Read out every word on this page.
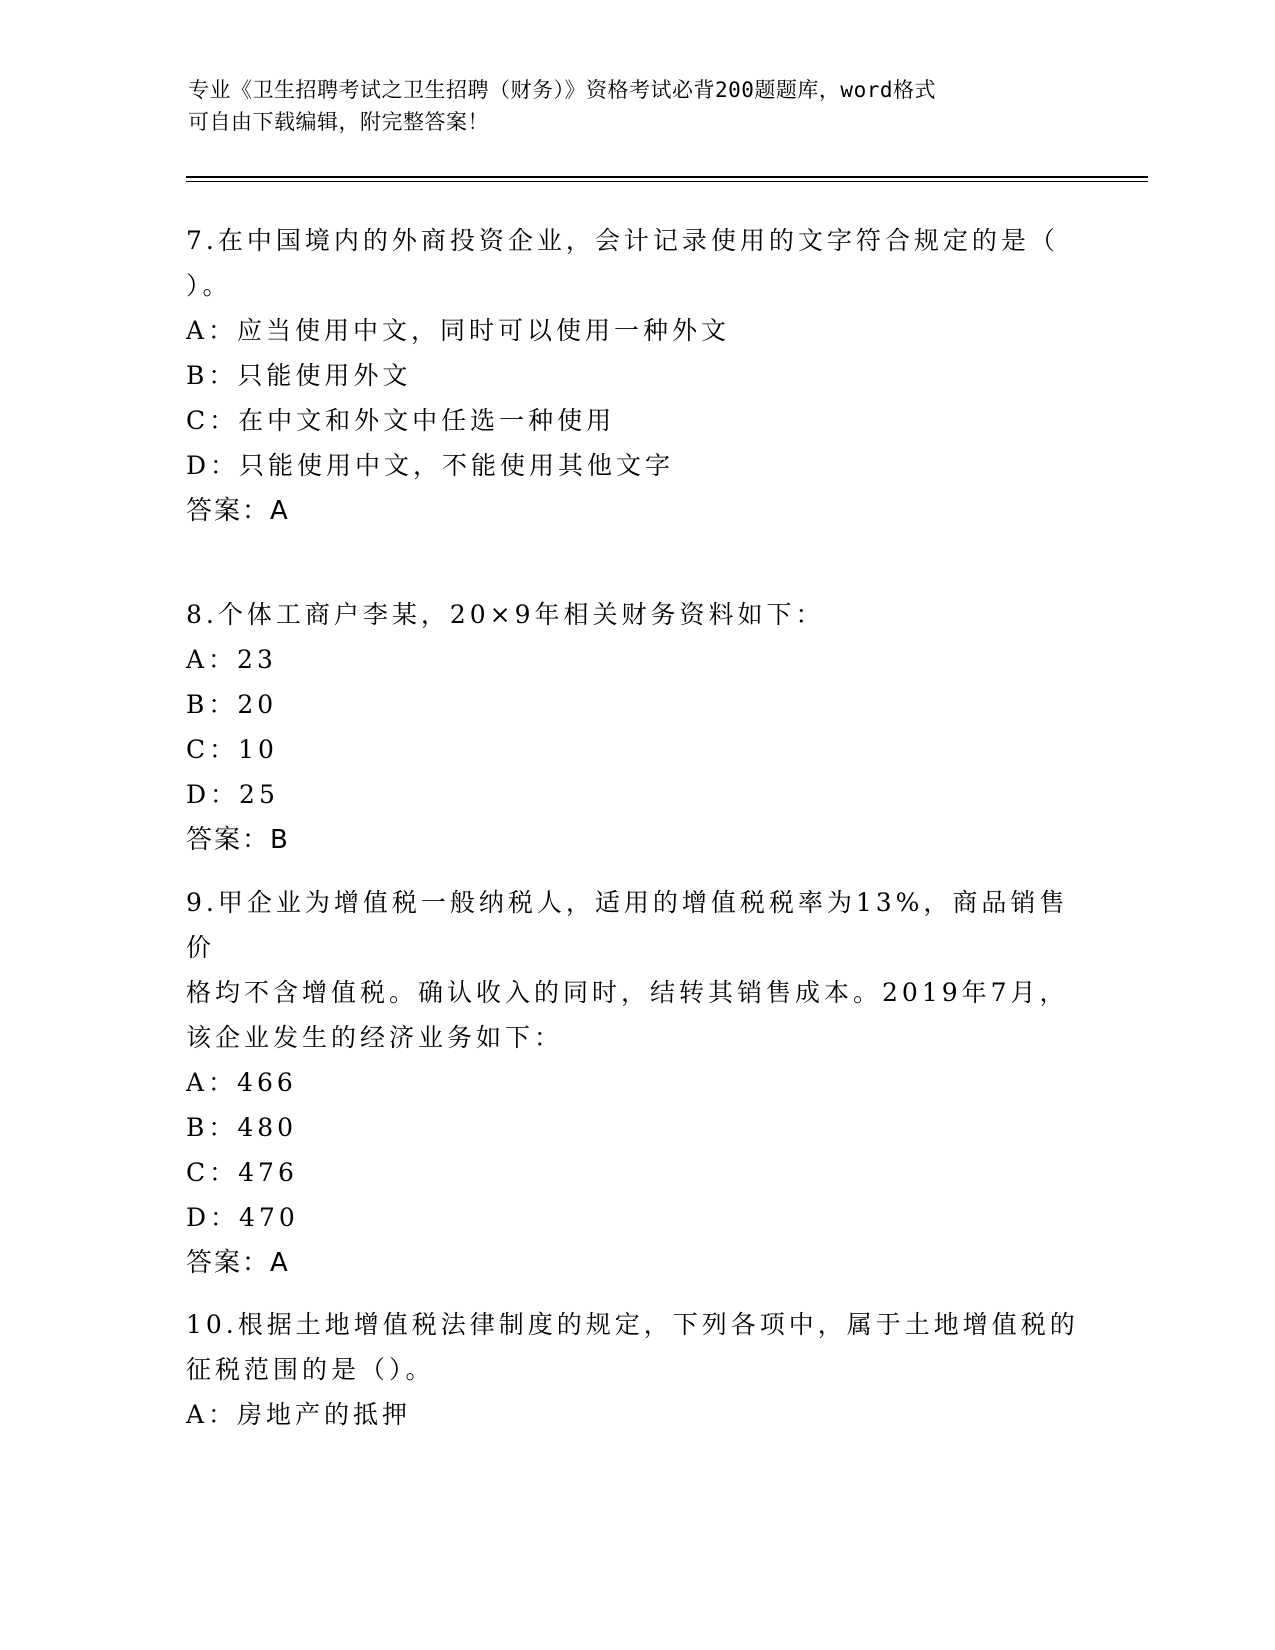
专业《卫生招聘考试之卫生招聘（财务）》资格考试必背200题题库，word格式
可自由下载编辑，附完整答案！
7.在中国境内的外商投资企业，会计记录使用的文字符合规定的是（
）。
A：应当使用中文，同时可以使用一种外文
B：只能使用外文
C：在中文和外文中任选一种使用
D：只能使用中文，不能使用其他文字
答案：A
8.个体工商户李某，20×9年相关财务资料如下：
A：23
B：20
C：10
D：25
答案：B
9.甲企业为增值税一般纳税人，适用的增值税税率为13%，商品销售价
格均不含增值税。确认收入的同时，结转其销售成本。2019年7月，
该企业发生的经济业务如下：
A：466
B：480
C：476
D：470
答案：A
10.根据土地增值税法律制度的规定，下列各项中，属于土地增值税的
征税范围的是（）。
A：房地产的抵押
